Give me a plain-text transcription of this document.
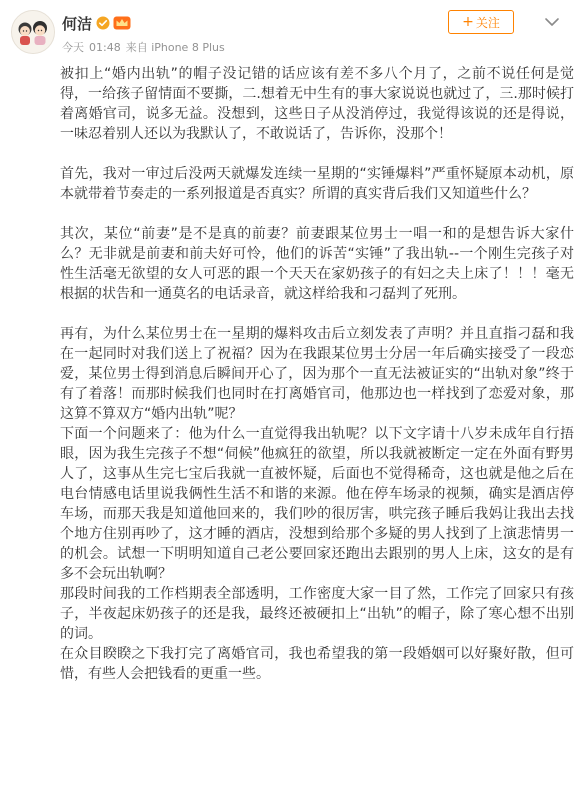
何洁
今天 01:48 来自 iPhone 8 Plus
+ 关注

被扣上“婚内出轨”的帽子没记错的话应该有差不多八个月了，之前不说任何是觉得，一给孩子留情面不要撕，二.想着无中生有的事大家说说也就过了，三.那时候打着离婚官司，说多无益。没想到，这些日子从没消停过，我觉得该说的还是得说，一味忍着别人还以为我默认了，不敢说话了，告诉你，没那个！

首先，我对一审过后没两天就爆发连续一星期的“实锤爆料”严重怀疑原本动机，原本就带着节奏走的一系列报道是否真实？所谓的真实背后我们又知道些什么？

其次，某位“前妻”是不是真的前妻？前妻跟某位男士一唱一和的是想告诉大家什么？无非就是前妻和前夫好可怜，他们的诉苦“实锤”了我出轨--一个刚生完孩子对性生活毫无欲望的女人可恶的跟一个天天在家奶孩子的有妇之夫上床了！！！毫无根据的状告和一通莫名的电话录音，就这样给我和刁磊判了死刑。

再有，为什么某位男士在一星期的爆料攻击后立刻发表了声明？并且直指刁磊和我在一起同时对我们送上了祝福？因为在我跟某位男士分居一年后确实接受了一段恋爱，某位男士得到消息后瞬间开心了，因为那个一直无法被证实的“出轨对象”终于有了着落！而那时候我们也同时在打离婚官司，他那边也一样找到了恋爱对象，那这算不算双方“婚内出轨”呢？

下面一个问题来了：他为什么一直觉得我出轨呢？以下文字请十八岁未成年自行捂眼，因为我生完孩子不想“伺候”他疯狂的欲望，所以我就被断定一定在外面有野男人了，这事从生完七宝后我就一直被怀疑，后面也不觉得稀奇，这也就是他之后在电台情感电话里说我俩性生活不和谐的来源。他在停车场录的视频，确实是酒店停车场，而那天我是知道他回来的，我们吵的很厉害，哄完孩子睡后我妈让我出去找个地方住别再吵了，这才睡的酒店，没想到给那个多疑的男人找到了上演悲情男一的机会。试想一下明明知道自己老公要回家还跑出去跟别的男人上床，这女的是有多不会玩出轨啊？

那段时间我的工作档期表全部透明，工作密度大家一目了然，工作完了回家只有孩子，半夜起床奶孩子的还是我，最终还被硬扣上“出轨”的帽子，除了寒心想不出别的词。

在众目睽睽之下我打完了离婚官司，我也希望我的第一段婚姻可以好聚好散，但可惜，有些人会把钱看的更重一些。
